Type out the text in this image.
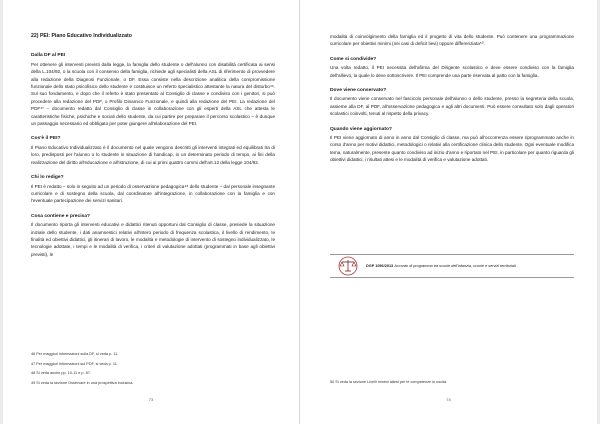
22) PEI: Piano Educativo Individualizzato
Dalla DF al PEI
Per ottenere gli interventi previsti dalla legge, la famiglia dello studente o dell'alunno con disabilità certificata ai sensi della L.104/92, o la scuola con il consenso della famiglia, richiede agli specialisti della ASL di riferimento di provvedere alla redazione della Diagnosi Funzionale, o DF. Essa consiste nella descrizione analitica della compromissione funzionale dello stato psicofisico dello studente e costituisce un referto specialistico attestante la natura del disturbo⁴⁶. Sul suo fondamento, e dopo che il referto è stato presentato al Consiglio di classe e condiviso con i genitori, si può procedere alla redazione del PDF, o Profilo Dinamico Funzionale, e quindi alla redazione del PEI. La redazione del PDF⁴⁷ – documento redatto dal Consiglio di classe in collaborazione con gli esperti della ASL che attesta le caratteristiche fisiche, psichiche e sociali dello studente, da cui partire per preparare il percorso scolastico – è dunque un passaggio necessario ed obbligato per poter giungere all'elaborazione del PEI.
Cos'è il PEI?
Il Piano Educativo Individualizzato è il documento nel quale vengono descritti gli interventi integrati ed equilibrati tra di loro, predisposti per l'alunno o lo studente in situazione di handicap, in un determinato periodo di tempo, ai fini della realizzazione del diritto all'educazione e all'istruzione, di cui ai primi quattro commi dell'art.12 della legge 104/92.
Chi lo redige?
Il PEI è redatto – solo in seguito ad un periodo di osservazione pedagogica⁴⁸ dello studente – dal personale insegnante curricolare e di sostegno della scuola, dal coordinatore all'integrazione, in collaborazione con la famiglia e con l'eventuale partecipazione dei servizi sanitari.
Cosa contiene e precisa?
Il documento riporta gli interventi educativi e didattici ritenuti opportuni dal Consiglio di classe, presiede la situazione iniziale dello studente, i dati anamnestici relativi all'intero periodo di frequenza scolastica, il livello di rendimento, le finalità ed obiettivi didattici, gli itinerari di lavoro, le modalità e metodologie di intervento di sostegno individualizzato, le tecnologie adottate, i tempi e le modalità di verifica, i criteri di valutazione adottati (programmati in base agli obiettivi previsti), le
46 Per maggiori informazioni sulla DF, si veda p. 11.
47 Per maggiori informazioni sul PDF, si veda p. 11.
48 Si veda anche pp. 10-11 e p. 87.
49 Si veda la sezione Osservare in una prospettiva inclusiva.
73
modalità di coinvolgimento della famiglia ed il progetto di vita dello studente. Può contenere una programmazione curricolare per obiettivi minimi (nei casi di deficit lievi) oppure differenziata⁵⁰.
Come si condivide?
Una volta redatto, il PEI necessita dell'afirma del Dirigente scolastico e deve essere condiviso con la famiglia dell'allievo, la quale lo deve sottoscrivere. Il PEI comprende una parte riservata al patto con la famiglia.
Dove viene conservato?
Il documento viene conservato nel fascicolo personale dell'alunno o dello studente, presso la segreteria della scuola, assieme alla DF, al PDF, all'osservazione pedagogica e agli altri documenti. Può essere consultato solo dagli operatori scolastici coinvolti, tenuti al rispetto della privacy.
Quando viene aggiornato?
Il PEI viene aggiornato di anno in anno dal Consiglio di classe, ma può all'occorrenza essere riprogrammato anche in corso d'anno per motivi didattici, metodologici o relativi alla certificazione clinica dello studente. Ogni eventuale modifica tema, naturalmente, presente quanto condiviso ad inizio d'anno e riportato nel PEI, in particolare per quanto riguarda gli obiettivi didattici, i risultati attesi e le modalità di verifica e valutazione adottati.
DGP 1056/2013 Accordo di programma tra scuole dell'infanzia, scuole e servizi territoriali.
50 Si veda la sezione Livelli minimi attesi per le competenze in uscita.
74
